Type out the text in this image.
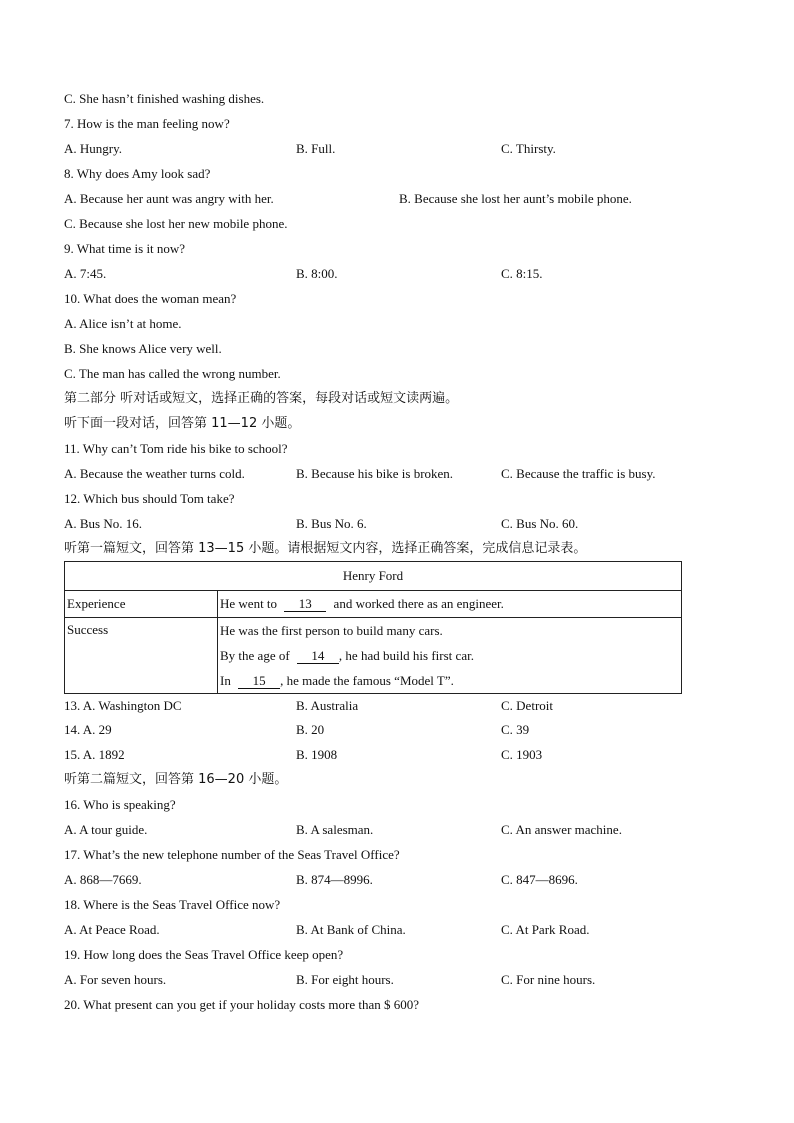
C. She hasn’t finished washing dishes.
7. How is the man feeling now?
A. Hungry.	B. Full.	C. Thirsty.
8. Why does Amy look sad?
A. Because her aunt was angry with her.	B. Because she lost her aunt’s mobile phone.
C. Because she lost her new mobile phone.
9. What time is it now?
A. 7:45.	B. 8:00.	C. 8:15.
10. What does the woman mean?
A. Alice isn’t at home.
B. She knows Alice very well.
C. The man has called the wrong number.
第二部分 听对话或短文，选择正确的答案，每段对话或短文读两遍。
听下面一段对话，回答第 11—12 小题。
11. Why can’t Tom ride his bike to school?
A. Because the weather turns cold.	B. Because his bike is broken.	C. Because the traffic is busy.
12. Which bus should Tom take?
A. Bus No. 16.	B. Bus No. 6.	C. Bus No. 60.
听第一篇短文，回答第 13—15 小题。请根据短文内容，选择正确答案，完成信息记录表。
Henry Ford	
Experience	He went to 13 and worked there as an engineer.
Success	He was the first person to build many cars.
By the age of 14 , he had build his first car.
In 15 , he made the famous “Model T”.
13. A. Washington DC	B. Australia	C. Detroit
14. A. 29	B. 20	C. 39
15. A. 1892	B. 1908	C. 1903
听第二篇短文，回答第 16—20 小题。
16. Who is speaking?
A. A tour guide.	B. A salesman.	C. An answer machine.
17. What’s the new telephone number of the Seas Travel Office?
A. 868—7669.	B. 874—8996.	C. 847—8696.
18. Where is the Seas Travel Office now?
A. At Peace Road.	B. At Bank of China.	C. At Park Road.
19. How long does the Seas Travel Office keep open?
A. For seven hours.	B. For eight hours.	C. For nine hours.
20. What present can you get if your holiday costs more than $ 600?
